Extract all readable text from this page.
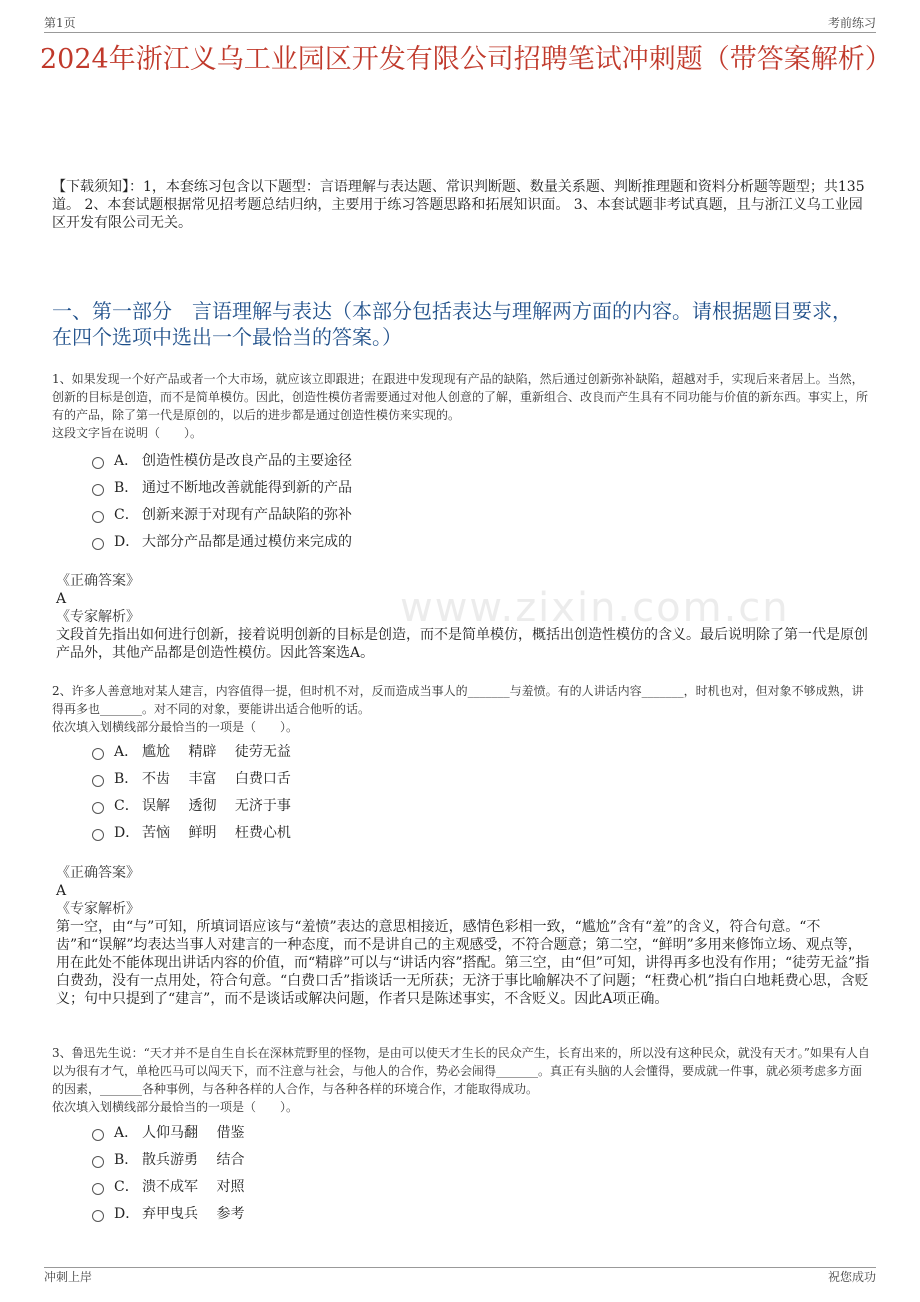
第1页	考前练习
www.zixin.com.cn
2024年浙江义乌工业园区开发有限公司招聘笔试冲刺题（带答案解析）
【下载须知】：1，本套练习包含以下题型：言语理解与表达题、常识判断题、数量关系题、判断推理题和资料分析题等题型；共135道。 2、本套试题根据常见招考题总结归纳，主要用于练习答题思路和拓展知识面。 3、本套试题非考试真题，且与浙江义乌工业园区开发有限公司无关。
一、第一部分　言语理解与表达（本部分包括表达与理解两方面的内容。请根据题目要求，在四个选项中选出一个最恰当的答案。）
1、如果发现一个好产品或者一个大市场，就应该立即跟进；在跟进中发现现有产品的缺陷，然后通过创新弥补缺陷，超越对手，实现后来者居上。当然，创新的目标是创造，而不是简单模仿。因此，创造性模仿者需要通过对他人创意的了解，重新组合、改良而产生具有不同功能与价值的新东西。事实上，所有的产品，除了第一代是原创的，以后的进步都是通过创造性模仿来实现的。
这段文字旨在说明（　　）。
A． 创造性模仿是改良产品的主要途径
B． 通过不断地改善就能得到新的产品
C． 创新来源于对现有产品缺陷的弥补
D． 大部分产品都是通过模仿来完成的
《正确答案》
A
《专家解析》
文段首先指出如何进行创新，接着说明创新的目标是创造，而不是简单模仿，概括出创造性模仿的含义。最后说明除了第一代是原创产品外，其他产品都是创造性模仿。因此答案选A。
2、许多人善意地对某人建言，内容值得一提，但时机不对，反而造成当事人的_______与羞愤。有的人讲话内容_______，时机也对，但对象不够成熟，讲得再多也_______。对不同的对象，要能讲出适合他听的话。
依次填入划横线部分最恰当的一项是（　　）。
A． 尴尬　 精辟　 徒劳无益
B． 不齿　 丰富　 白费口舌
C． 误解　 透彻　 无济于事
D． 苦恼　 鲜明　 枉费心机
《正确答案》
A
《专家解析》
第一空，由“与”可知，所填词语应该与“羞愤”表达的意思相接近，感情色彩相一致，“尴尬”含有“羞”的含义，符合句意。“不齿”和“误解”均表达当事人对建言的一种态度，而不是讲自己的主观感受，不符合题意；第二空，“鲜明”多用来修饰立场、观点等，用在此处不能体现出讲话内容的价值，而“精辟”可以与“讲话内容”搭配。第三空，由“但”可知，讲得再多也没有作用；“徒劳无益”指白费劲，没有一点用处，符合句意。“白费口舌”指谈话一无所获；无济于事比喻解决不了问题；“枉费心机”指白白地耗费心思，含贬义；句中只提到了“建言”，而不是谈话或解决问题，作者只是陈述事实，不含贬义。因此A项正确。
3、鲁迅先生说：“天才并不是自生自长在深林荒野里的怪物，是由可以使天才生长的民众产生，长育出来的，所以没有这种民众，就没有天才。”如果有人自以为很有才气，单枪匹马可以闯天下，而不注意与社会，与他人的合作，势必会闹得_______。真正有头脑的人会懂得，要成就一件事，就必须考虑多方面的因素，_______各种事例，与各种各样的人合作，与各种各样的环境合作，才能取得成功。
依次填入划横线部分最恰当的一项是（　　）。
A． 人仰马翻　 借鉴
B． 散兵游勇　 结合
C． 溃不成军　 对照
D． 弃甲曳兵　 参考
冲刺上岸	祝您成功
